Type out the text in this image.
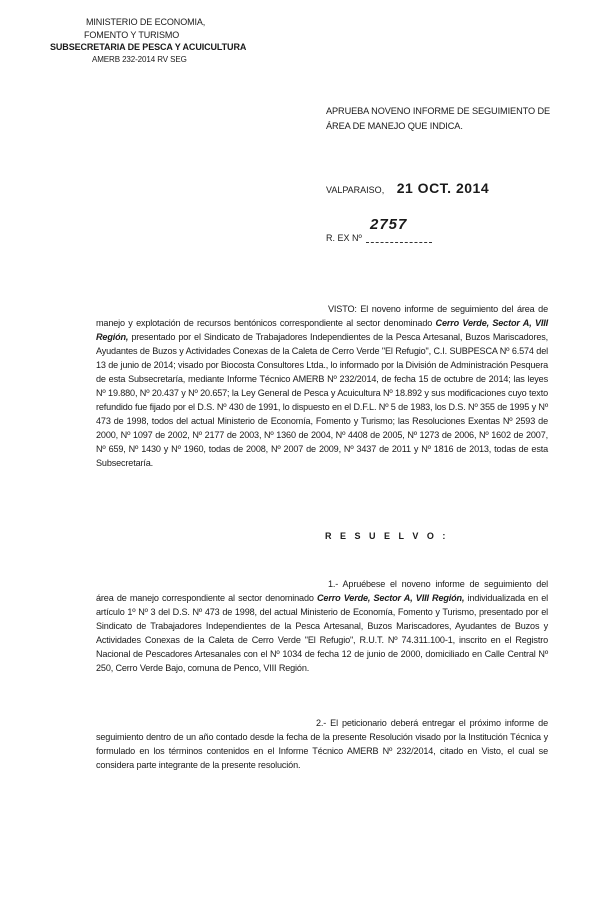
MINISTERIO DE ECONOMIA,
FOMENTO Y TURISMO
SUBSECRETARIA DE PESCA Y ACUICULTURA
AMERB 232-2014 RV SEG
APRUEBA NOVENO INFORME DE SEGUIMIENTO DE ÁREA DE MANEJO QUE INDICA.
VALPARAISO, 21 OCT. 2014
2757
R. EX Nº
VISTO: El noveno informe de seguimiento del área de manejo y explotación de recursos bentónicos correspondiente al sector denominado Cerro Verde, Sector A, VIII Región, presentado por el Sindicato de Trabajadores Independientes de la Pesca Artesanal, Buzos Mariscadores, Ayudantes de Buzos y Actividades Conexas de la Caleta de Cerro Verde "El Refugio", C.I. SUBPESCA Nº 6.574 del 13 de junio de 2014; visado por Biocosta Consultores Ltda., lo informado por la División de Administración Pesquera de esta Subsecretaría, mediante Informe Técnico AMERB Nº 232/2014, de fecha 15 de octubre de 2014; las leyes Nº 19.880, Nº 20.437 y Nº 20.657; la Ley General de Pesca y Acuicultura Nº 18.892 y sus modificaciones cuyo texto refundido fue fijado por el D.S. Nº 430 de 1991, lo dispuesto en el D.F.L. Nº 5 de 1983, los D.S. Nº 355 de 1995 y Nº 473 de 1998, todos del actual Ministerio de Economía, Fomento y Turismo; las Resoluciones Exentas Nº 2593 de 2000, Nº 1097 de 2002, Nº 2177 de 2003, Nº 1360 de 2004, Nº 4408 de 2005, Nº 1273 de 2006, Nº 1602 de 2007, Nº 659, Nº 1430 y Nº 1960, todas de 2008, Nº 2007 de 2009, Nº 3437 de 2011 y Nº 1816 de 2013, todas de esta Subsecretaría.
R E S U E L V O :
1.- Apruébese el noveno informe de seguimiento del área de manejo correspondiente al sector denominado Cerro Verde, Sector A, VIII Región, individualizada en el artículo 1º Nº 3 del D.S. Nº 473 de 1998, del actual Ministerio de Economía, Fomento y Turismo, presentado por el Sindicato de Trabajadores Independientes de la Pesca Artesanal, Buzos Mariscadores, Ayudantes de Buzos y Actividades Conexas de la Caleta de Cerro Verde "El Refugio", R.U.T. Nº 74.311.100-1, inscrito en el Registro Nacional de Pescadores Artesanales con el Nº 1034 de fecha 12 de junio de 2000, domiciliado en Calle Central Nº 250, Cerro Verde Bajo, comuna de Penco, VIII Región.
2.- El peticionario deberá entregar el próximo informe de seguimiento dentro de un año contado desde la fecha de la presente Resolución visado por la Institución Técnica y formulado en los términos contenidos en el Informe Técnico AMERB Nº 232/2014, citado en Visto, el cual se considera parte integrante de la presente resolución.
